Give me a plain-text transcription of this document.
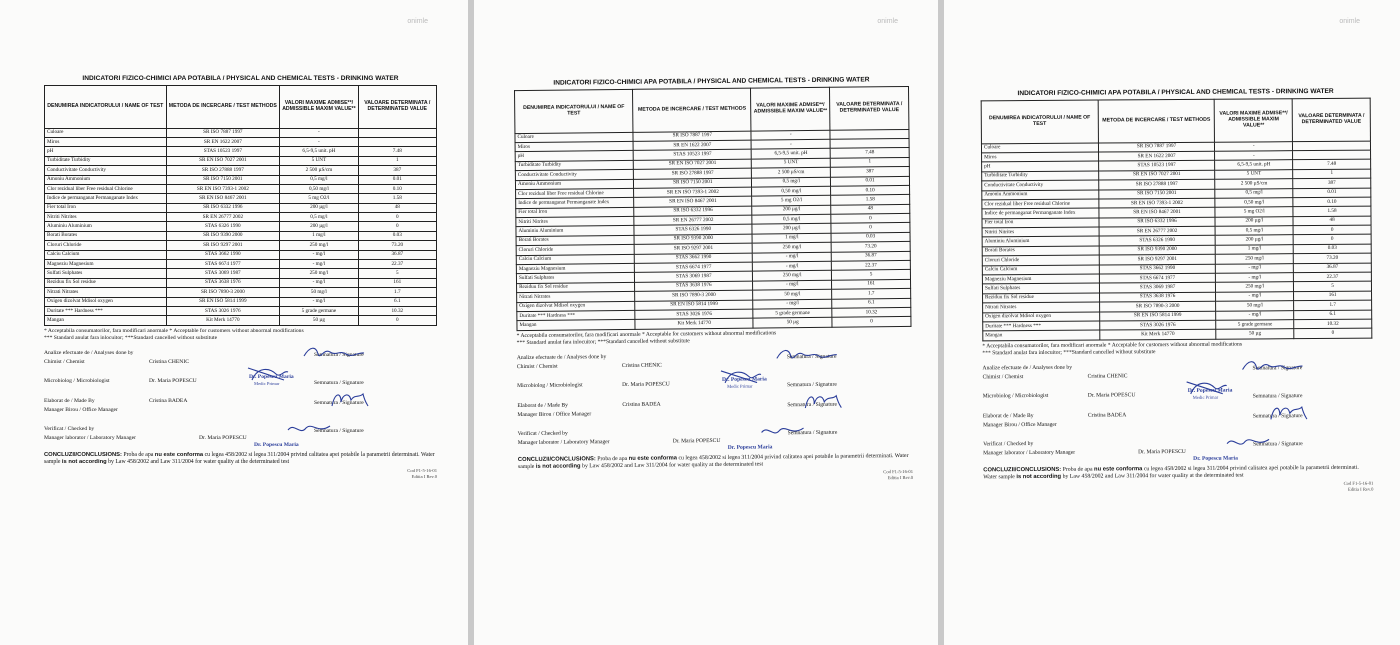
onimle
INDICATORI FIZICO-CHIMICI APA POTABILA / PHYSICAL AND CHEMICAL TESTS - DRINKING WATER
DENUMIREA INDICATORULUI / NAME OF TEST	METODA DE INCERCARE / TEST METHODS	VALORI MAXIME ADMISE**/ ADMISSIBLE MAXIM VALUE**	VALOARE DETERMINATA / DETERMINATED VALUE
Culoare	SR ISO 7887 1997	-	
Miros	SR EN 1622 2007	-	
pH	STAS 10523 1997	6,5-9,5 unit. pH	7.48
Turbiditate Turbidity	SR EN ISO 7027 2001	5 UNT	1
Conductivitate Conductivity	SR ISO 27888 1997	2 500 µS/cm	387
Amoniu Ammonium	SR ISO 7150 2001	0,5 mg/l	0.01
Clor rezidual liber Free residual Chlorine	SR EN ISO 7393-1 2002	0,50 mg/l	0.10
Indice de permanganat Permanganate Index	SR EN ISO 8467 2001	5 mg O2/l	1.58
Fier total Iron	SR ISO 6332 1996	200 µg/l	48
Nitriti Nitrites	SR EN 26777 2002	0,5 mg/l	0
Aluminiu Aluminium	STAS 6326 1990	200 µg/l	0
Borati Borates	SR ISO 9390 2000	1 mg/l	0.03
Cloruri Chloride	SR ISO 9297 2001	250 mg/l	73.20
Calciu Calcium	STAS 3662 1990	- mg/l	36.87
Magneziu Magnesium	STAS 6674 1977	- mg/l	22.37
Sulfati Sulphates	STAS 3069 1987	250 mg/l	5
Reziduu fix Sol residue	STAS 3638 1976	- mg/l	161
Nitrati Nitrates	SR ISO 7890-3 2000	50 mg/l	1.7
Oxigen dizolvat Mdisol oxygen	SR EN ISO 5814 1999	- mg/l	6.1
Duritate *** Hardness ***	STAS 3026 1976	5 grade germane	10.32
Mangan	Kit Merk 14770	50 µg	0
* Acceptabila consumatorilor, fara modificari anormale * Acceptable for customers without abnormal modifications
*** Standard anulat fara inlocuitor; ***Standard cancelled without substitute
Analize efectuate de / Analyses done by
Chimist / Chemist
Microbiolog / Microbiologist
Elaborat de / Made By
Manager Birou / Office Manager
Verificat / Checked by
Manager laborator / Laboratory Manager
Cristina CHENIC
Dr. Maria POPESCU
Cristina BADEA
Dr. Maria POPESCU
Semnatura / Signature
Semnatura / Signature
Semnatura / Signature
Semnatura / Signature
Dr. Popescu Maria
Medic Primar
Dr. Popescu Maria
CONCLUZII/CONCLUSIONS: Proba de apa nu este conforma cu legea 458/2002 si legea 311/2004 privind calitatea apei potabile la parametrii determinati. Water sample is not according by Law 458/2002 and Law 311/2004 for water quality at the determinated test
Cod F1-5-16-01
Editia I Rev.0
onimle
INDICATORI FIZICO-CHIMICI APA POTABILA / PHYSICAL AND CHEMICAL TESTS - DRINKING WATER
DENUMIREA INDICATORULUI / NAME OF TEST	METODA DE INCERCARE / TEST METHODS	VALORI MAXIME ADMISE**/ ADMISSIBLE MAXIM VALUE**	VALOARE DETERMINATA / DETERMINATED VALUE
Culoare	SR ISO 7887 1997	-	
Miros	SR EN 1622 2007	-	
pH	STAS 10523 1997	6,5-9,5 unit. pH	7.48
Turbiditate Turbidity	SR EN ISO 7027 2001	5 UNT	1
Conductivitate Conductivity	SR ISO 27888 1997	2 500 µS/cm	387
Amoniu Ammonium	SR ISO 7150 2001	0,5 mg/l	0.01
Clor rezidual liber Free residual Chlorine	SR EN ISO 7393-1 2002	0,50 mg/l	0.10
Indice de permanganat Permanganate Index	SR EN ISO 8467 2001	5 mg O2/l	1.58
Fier total Iron	SR ISO 6332 1996	200 µg/l	48
Nitriti Nitrites	SR EN 26777 2002	0,5 mg/l	0
Aluminiu Aluminium	STAS 6326 1990	200 µg/l	0
Borati Borates	SR ISO 9390 2000	1 mg/l	0.03
Cloruri Chloride	SR ISO 9297 2001	250 mg/l	73.20
Calciu Calcium	STAS 3662 1990	- mg/l	36.87
Magneziu Magnesium	STAS 6674 1977	- mg/l	22.37
Sulfati Sulphates	STAS 3069 1987	250 mg/l	5
Reziduu fix Sol residue	STAS 3638 1976	- mg/l	161
Nitrati Nitrates	SR ISO 7890-3 2000	50 mg/l	1.7
Oxigen dizolvat Mdisol oxygen	SR EN ISO 5814 1999	- mg/l	6.1
Duritate *** Hardness ***	STAS 3026 1976	5 grade germane	10.32
Mangan	Kit Merk 14770	50 µg	0
* Acceptabila consumatorilor, fara modificari anormale * Acceptable for customers without abnormal modifications
*** Standard anulat fara inlocuitor; ***Standard cancelled without substitute
Analize efectuate de / Analyses done by
Chimist / Chemist
Microbiolog / Microbiologist
Elaborat de / Made By
Manager Birou / Office Manager
Verificat / Checked by
Manager laborator / Laboratory Manager
Cristina CHENIC
Dr. Maria POPESCU
Cristina BADEA
Dr. Maria POPESCU
Semnatura / Signature
Semnatura / Signature
Semnatura / Signature
Semnatura / Signature
Dr. Popescu Maria
Medic Primar
Dr. Popescu Maria
CONCLUZII/CONCLUSIONS: Proba de apa nu este conforma cu legea 458/2002 si legea 311/2004 privind calitatea apei potabile la parametrii determinati. Water sample is not according by Law 458/2002 and Law 311/2004 for water quality at the determinated test
Cod F1-5-16-01
Editia I Rev.0
onimle
INDICATORI FIZICO-CHIMICI APA POTABILA / PHYSICAL AND CHEMICAL TESTS - DRINKING WATER
DENUMIREA INDICATORULUI / NAME OF TEST	METODA DE INCERCARE / TEST METHODS	VALORI MAXIME ADMISE**/ ADMISSIBLE MAXIM VALUE**	VALOARE DETERMINATA / DETERMINATED VALUE
Culoare	SR ISO 7887 1997	-	
Miros	SR EN 1622 2007	-	
pH	STAS 10523 1997	6,5-9,5 unit. pH	7.48
Turbiditate Turbidity	SR EN ISO 7027 2001	5 UNT	1
Conductivitate Conductivity	SR ISO 27888 1997	2 500 µS/cm	387
Amoniu Ammonium	SR ISO 7150 2001	0,5 mg/l	0.01
Clor rezidual liber Free residual Chlorine	SR EN ISO 7393-1 2002	0,50 mg/l	0.10
Indice de permanganat Permanganate Index	SR EN ISO 8467 2001	5 mg O2/l	1.58
Fier total Iron	SR ISO 6332 1996	200 µg/l	48
Nitriti Nitrites	SR EN 26777 2002	0,5 mg/l	0
Aluminiu Aluminium	STAS 6326 1990	200 µg/l	0
Borati Borates	SR ISO 9390 2000	1 mg/l	0.03
Cloruri Chloride	SR ISO 9297 2001	250 mg/l	73.20
Calciu Calcium	STAS 3662 1990	- mg/l	36.87
Magneziu Magnesium	STAS 6674 1977	- mg/l	22.37
Sulfati Sulphates	STAS 3069 1987	250 mg/l	5
Reziduu fix Sol residue	STAS 3638 1976	- mg/l	161
Nitrati Nitrates	SR ISO 7890-3 2000	50 mg/l	1.7
Oxigen dizolvat Mdisol oxygen	SR EN ISO 5814 1999	- mg/l	6.1
Duritate *** Hardness ***	STAS 3026 1976	5 grade germane	10.32
Mangan	Kit Merk 14770	50 µg	0
* Acceptabila consumatorilor, fara modificari anormale * Acceptable for customers without abnormal modifications
*** Standard anulat fara inlocuitor; ***Standard cancelled without substitute
Analize efectuate de / Analyses done by
Chimist / Chemist
Microbiolog / Microbiologist
Elaborat de / Made By
Manager Birou / Office Manager
Verificat / Checked by
Manager laborator / Laboratory Manager
Cristina CHENIC
Dr. Maria POPESCU
Cristina BADEA
Dr. Maria POPESCU
Semnatura / Signature
Semnatura / Signature
Semnatura / Signature
Semnatura / Signature
Dr. Popescu Maria
Medic Primar
Dr. Popescu Maria
CONCLUZII/CONCLUSIONS: Proba de apa nu este conforma cu legea 458/2002 si legea 311/2004 privind calitatea apei potabile la parametrii determinati. Water sample is not according by Law 458/2002 and Law 311/2004 for water quality at the determinated test
Cod F1-5-16-01
Editia I Rev.0
